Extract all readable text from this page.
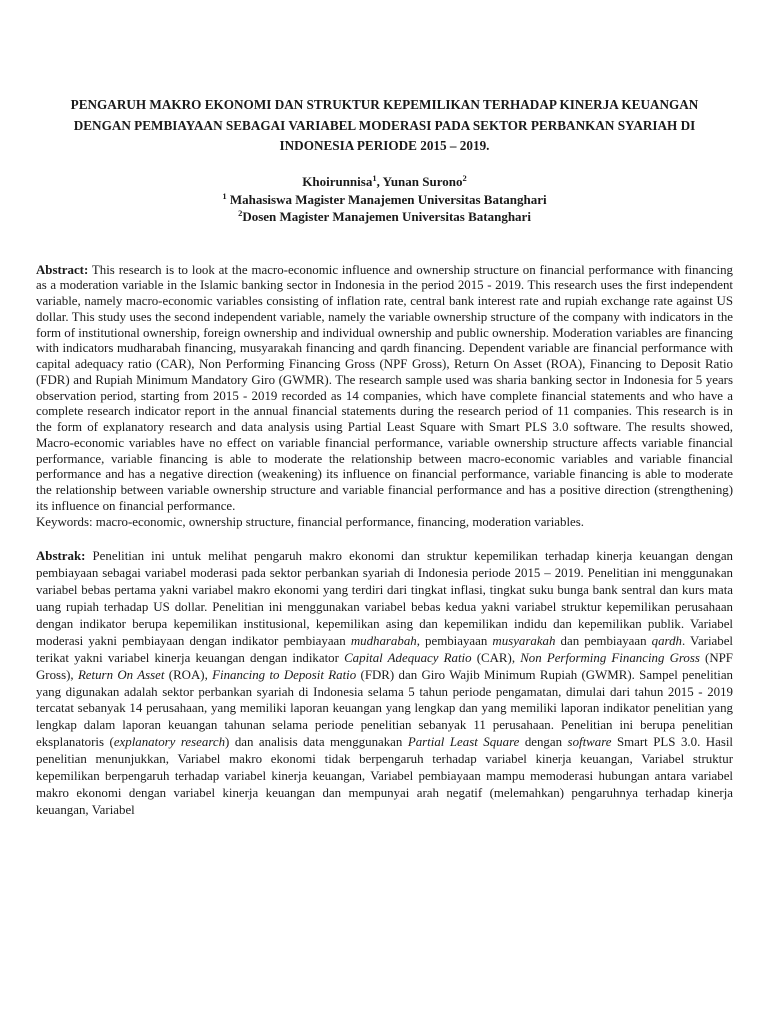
PENGARUH MAKRO EKONOMI DAN STRUKTUR KEPEMILIKAN TERHADAP KINERJA KEUANGAN DENGAN PEMBIAYAAN SEBAGAI VARIABEL MODERASI PADA SEKTOR PERBANKAN SYARIAH DI INDONESIA PERIODE 2015 – 2019.
Khoirunnisa$^1$, Yunan Surono$^2$
$^1$ Mahasiswa Magister Manajemen Universitas Batanghari
$^2$Dosen Magister Manajemen Universitas Batanghari
Abstract: This research is to look at the macro-economic influence and ownership structure on financial performance with financing as a moderation variable in the Islamic banking sector in Indonesia in the period 2015 - 2019. This research uses the first independent variable, namely macro-economic variables consisting of inflation rate, central bank interest rate and rupiah exchange rate against US dollar. This study uses the second independent variable, namely the variable ownership structure of the company with indicators in the form of institutional ownership, foreign ownership and individual ownership and public ownership. Moderation variables are financing with indicators mudharabah financing, musyarakah financing and qardh financing. Dependent variable are financial performance with capital adequacy ratio (CAR), Non Performing Financing Gross (NPF Gross), Return On Asset (ROA), Financing to Deposit Ratio (FDR) and Rupiah Minimum Mandatory Giro (GWMR). The research sample used was sharia banking sector in Indonesia for 5 years observation period, starting from 2015 - 2019 recorded as 14 companies, which have complete financial statements and who have a complete research indicator report in the annual financial statements during the research period of 11 companies. This research is in the form of explanatory research and data analysis using Partial Least Square with Smart PLS 3.0 software. The results showed, Macro-economic variables have no effect on variable financial performance, variable ownership structure affects variable financial performance, variable financing is able to moderate the relationship between macro-economic variables and variable financial performance and has a negative direction (weakening) its influence on financial performance, variable financing is able to moderate the relationship between variable ownership structure and variable financial performance and has a positive direction (strengthening) its influence on financial performance.
Keywords: macro-economic, ownership structure, financial performance, financing, moderation variables.
Abstrak: Penelitian ini untuk melihat pengaruh makro ekonomi dan struktur kepemilikan terhadap kinerja keuangan dengan pembiayaan sebagai variabel moderasi pada sektor perbankan syariah di Indonesia periode 2015 – 2019. Penelitian ini menggunakan variabel bebas pertama yakni variabel makro ekonomi yang terdiri dari tingkat inflasi, tingkat suku bunga bank sentral dan kurs mata uang rupiah terhadap US dollar. Penelitian ini menggunakan variabel bebas kedua yakni variabel struktur kepemilikan perusahaan dengan indikator berupa kepemilikan institusional, kepemilikan asing dan kepemilikan indidu dan kepemilikan publik. Variabel moderasi yakni pembiayaan dengan indikator pembiayaan mudharabah, pembiayaan musyarakah dan pembiayaan qardh. Variabel terikat yakni variabel kinerja keuangan dengan indikator Capital Adequacy Ratio (CAR), Non Performing Financing Gross (NPF Gross), Return On Asset (ROA), Financing to Deposit Ratio (FDR) dan Giro Wajib Minimum Rupiah (GWMR). Sampel penelitian yang digunakan adalah sektor perbankan syariah di Indonesia selama 5 tahun periode pengamatan, dimulai dari tahun 2015 - 2019 tercatat sebanyak 14 perusahaan, yang memiliki laporan keuangan yang lengkap dan yang memiliki laporan indikator penelitian yang lengkap dalam laporan keuangan tahunan selama periode penelitian sebanyak 11 perusahaan. Penelitian ini berupa penelitian eksplanatoris (explanatory research) dan analisis data menggunakan Partial Least Square dengan software Smart PLS 3.0. Hasil penelitian menunjukkan, Variabel makro ekonomi tidak berpengaruh terhadap variabel kinerja keuangan, Variabel struktur kepemilikan berpengaruh terhadap variabel kinerja keuangan, Variabel pembiayaan mampu memoderasi hubungan antara variabel makro ekonomi dengan variabel kinerja keuangan dan mempunyai arah negatif (melemahkan) pengaruhnya terhadap kinerja keuangan, Variabel
